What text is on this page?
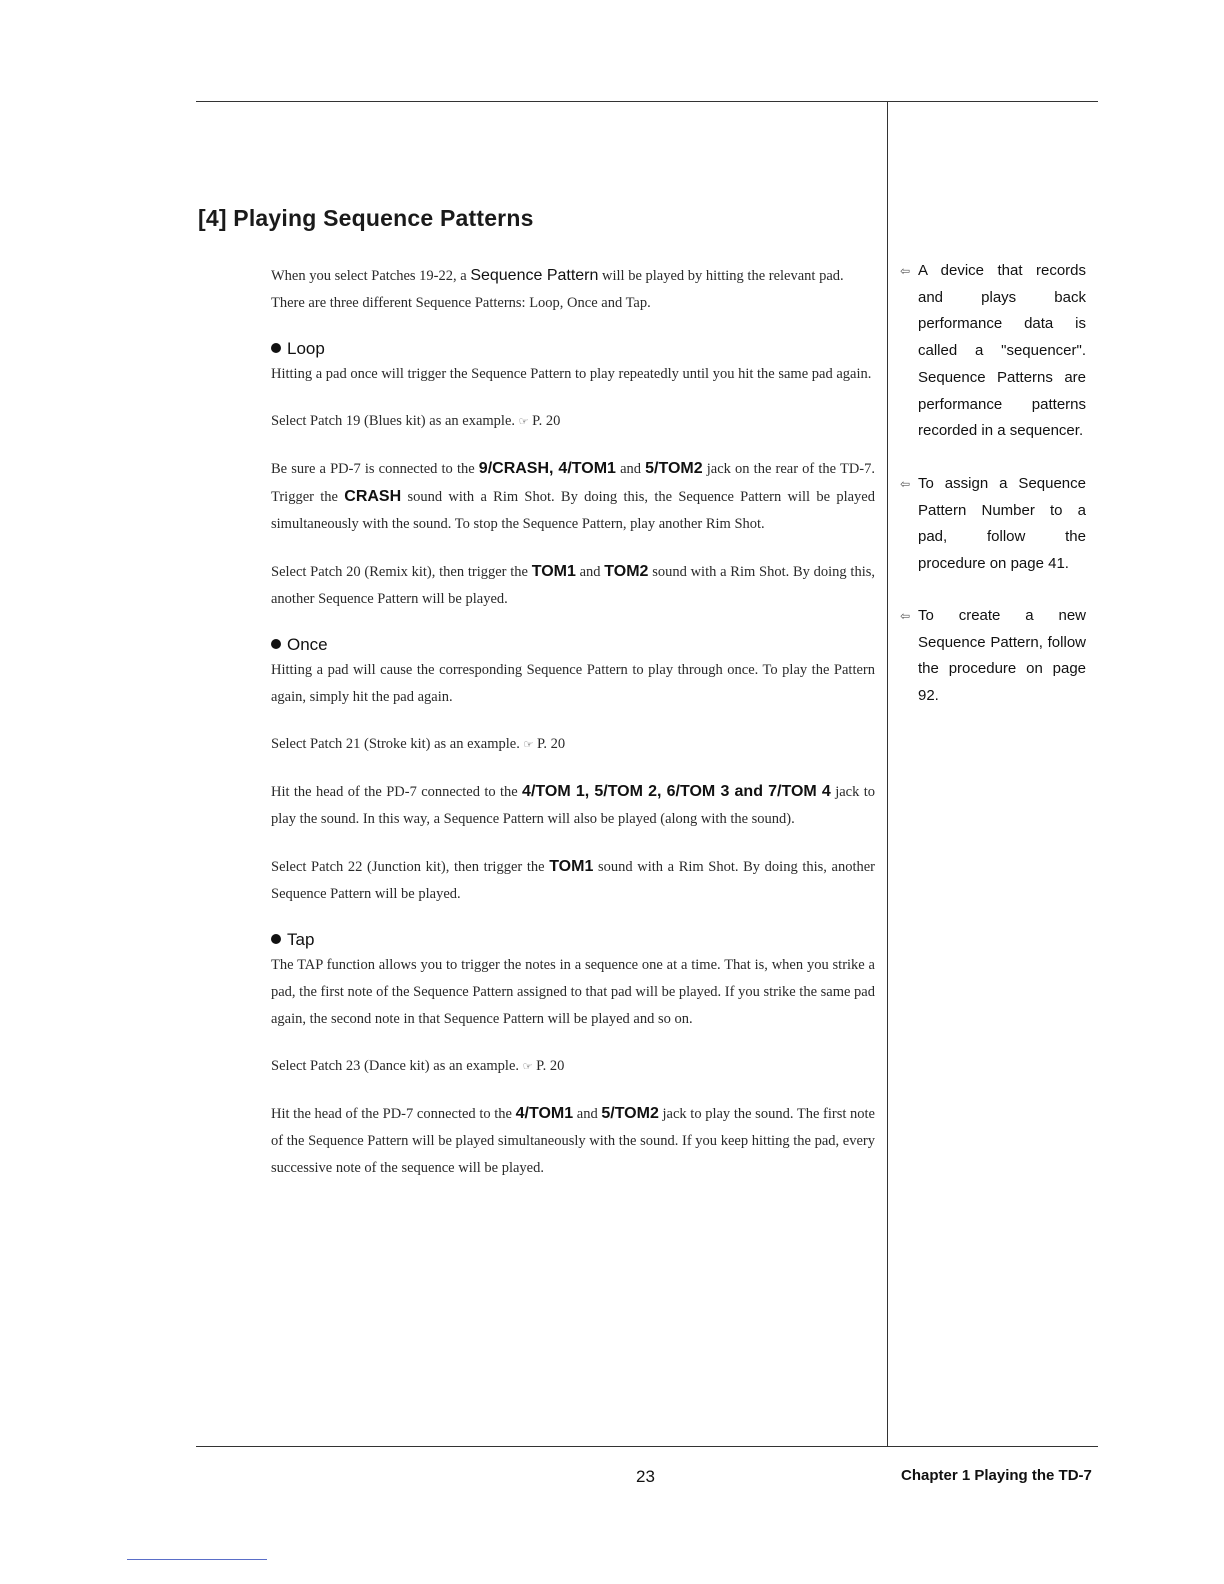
[4] Playing Sequence Patterns

When you select Patches 19-22, a Sequence Pattern will be played by hitting the relevant pad.
There are three different Sequence Patterns: Loop, Once and Tap.

Loop

Hitting a pad once will trigger the Sequence Pattern to play repeatedly until you hit the same pad again.

Select Patch 19 (Blues kit) as an example. ☞ P. 20

Be sure a PD-7 is connected to the 9/CRASH, 4/TOM1 and 5/TOM2 jack on the rear of the TD-7. Trigger the CRASH sound with a Rim Shot. By doing this, the Sequence Pattern will be played simultaneously with the sound. To stop the Sequence Pattern, play another Rim Shot.

Select Patch 20 (Remix kit), then trigger the TOM1 and TOM2 sound with a Rim Shot. By doing this, another Sequence Pattern will be played.

Once

Hitting a pad will cause the corresponding Sequence Pattern to play through once. To play the Pattern again, simply hit the pad again.

Select Patch 21 (Stroke kit) as an example. ☞ P. 20

Hit the head of the PD-7 connected to the 4/TOM 1, 5/TOM 2, 6/TOM 3 and 7/TOM 4 jack to play the sound. In this way, a Sequence Pattern will also be played (along with the sound).

Select Patch 22 (Junction kit), then trigger the TOM1 sound with a Rim Shot. By doing this, another Sequence Pattern will be played.

Tap

The TAP function allows you to trigger the notes in a sequence one at a time. That is, when you strike a pad, the first note of the Sequence Pattern assigned to that pad will be played. If you strike the same pad again, the second note in that Sequence Pattern will be played and so on.

Select Patch 23 (Dance kit) as an example. ☞ P. 20

Hit the head of the PD-7 connected to the 4/TOM1 and 5/TOM2 jack to play the sound. The first note of the Sequence Pattern will be played simultaneously with the sound. If you keep hitting the pad, every successive note of the sequence will be played.

⇦ A device that records and plays back performance data is called a "sequencer". Sequence Patterns are performance patterns recorded in a sequencer.
⇦ To assign a Sequence Pattern Number to a pad, follow the procedure on page 41.
⇦ To create a new Sequence Pattern, follow the procedure on page 92.
23	Chapter 1 Playing the TD-7
